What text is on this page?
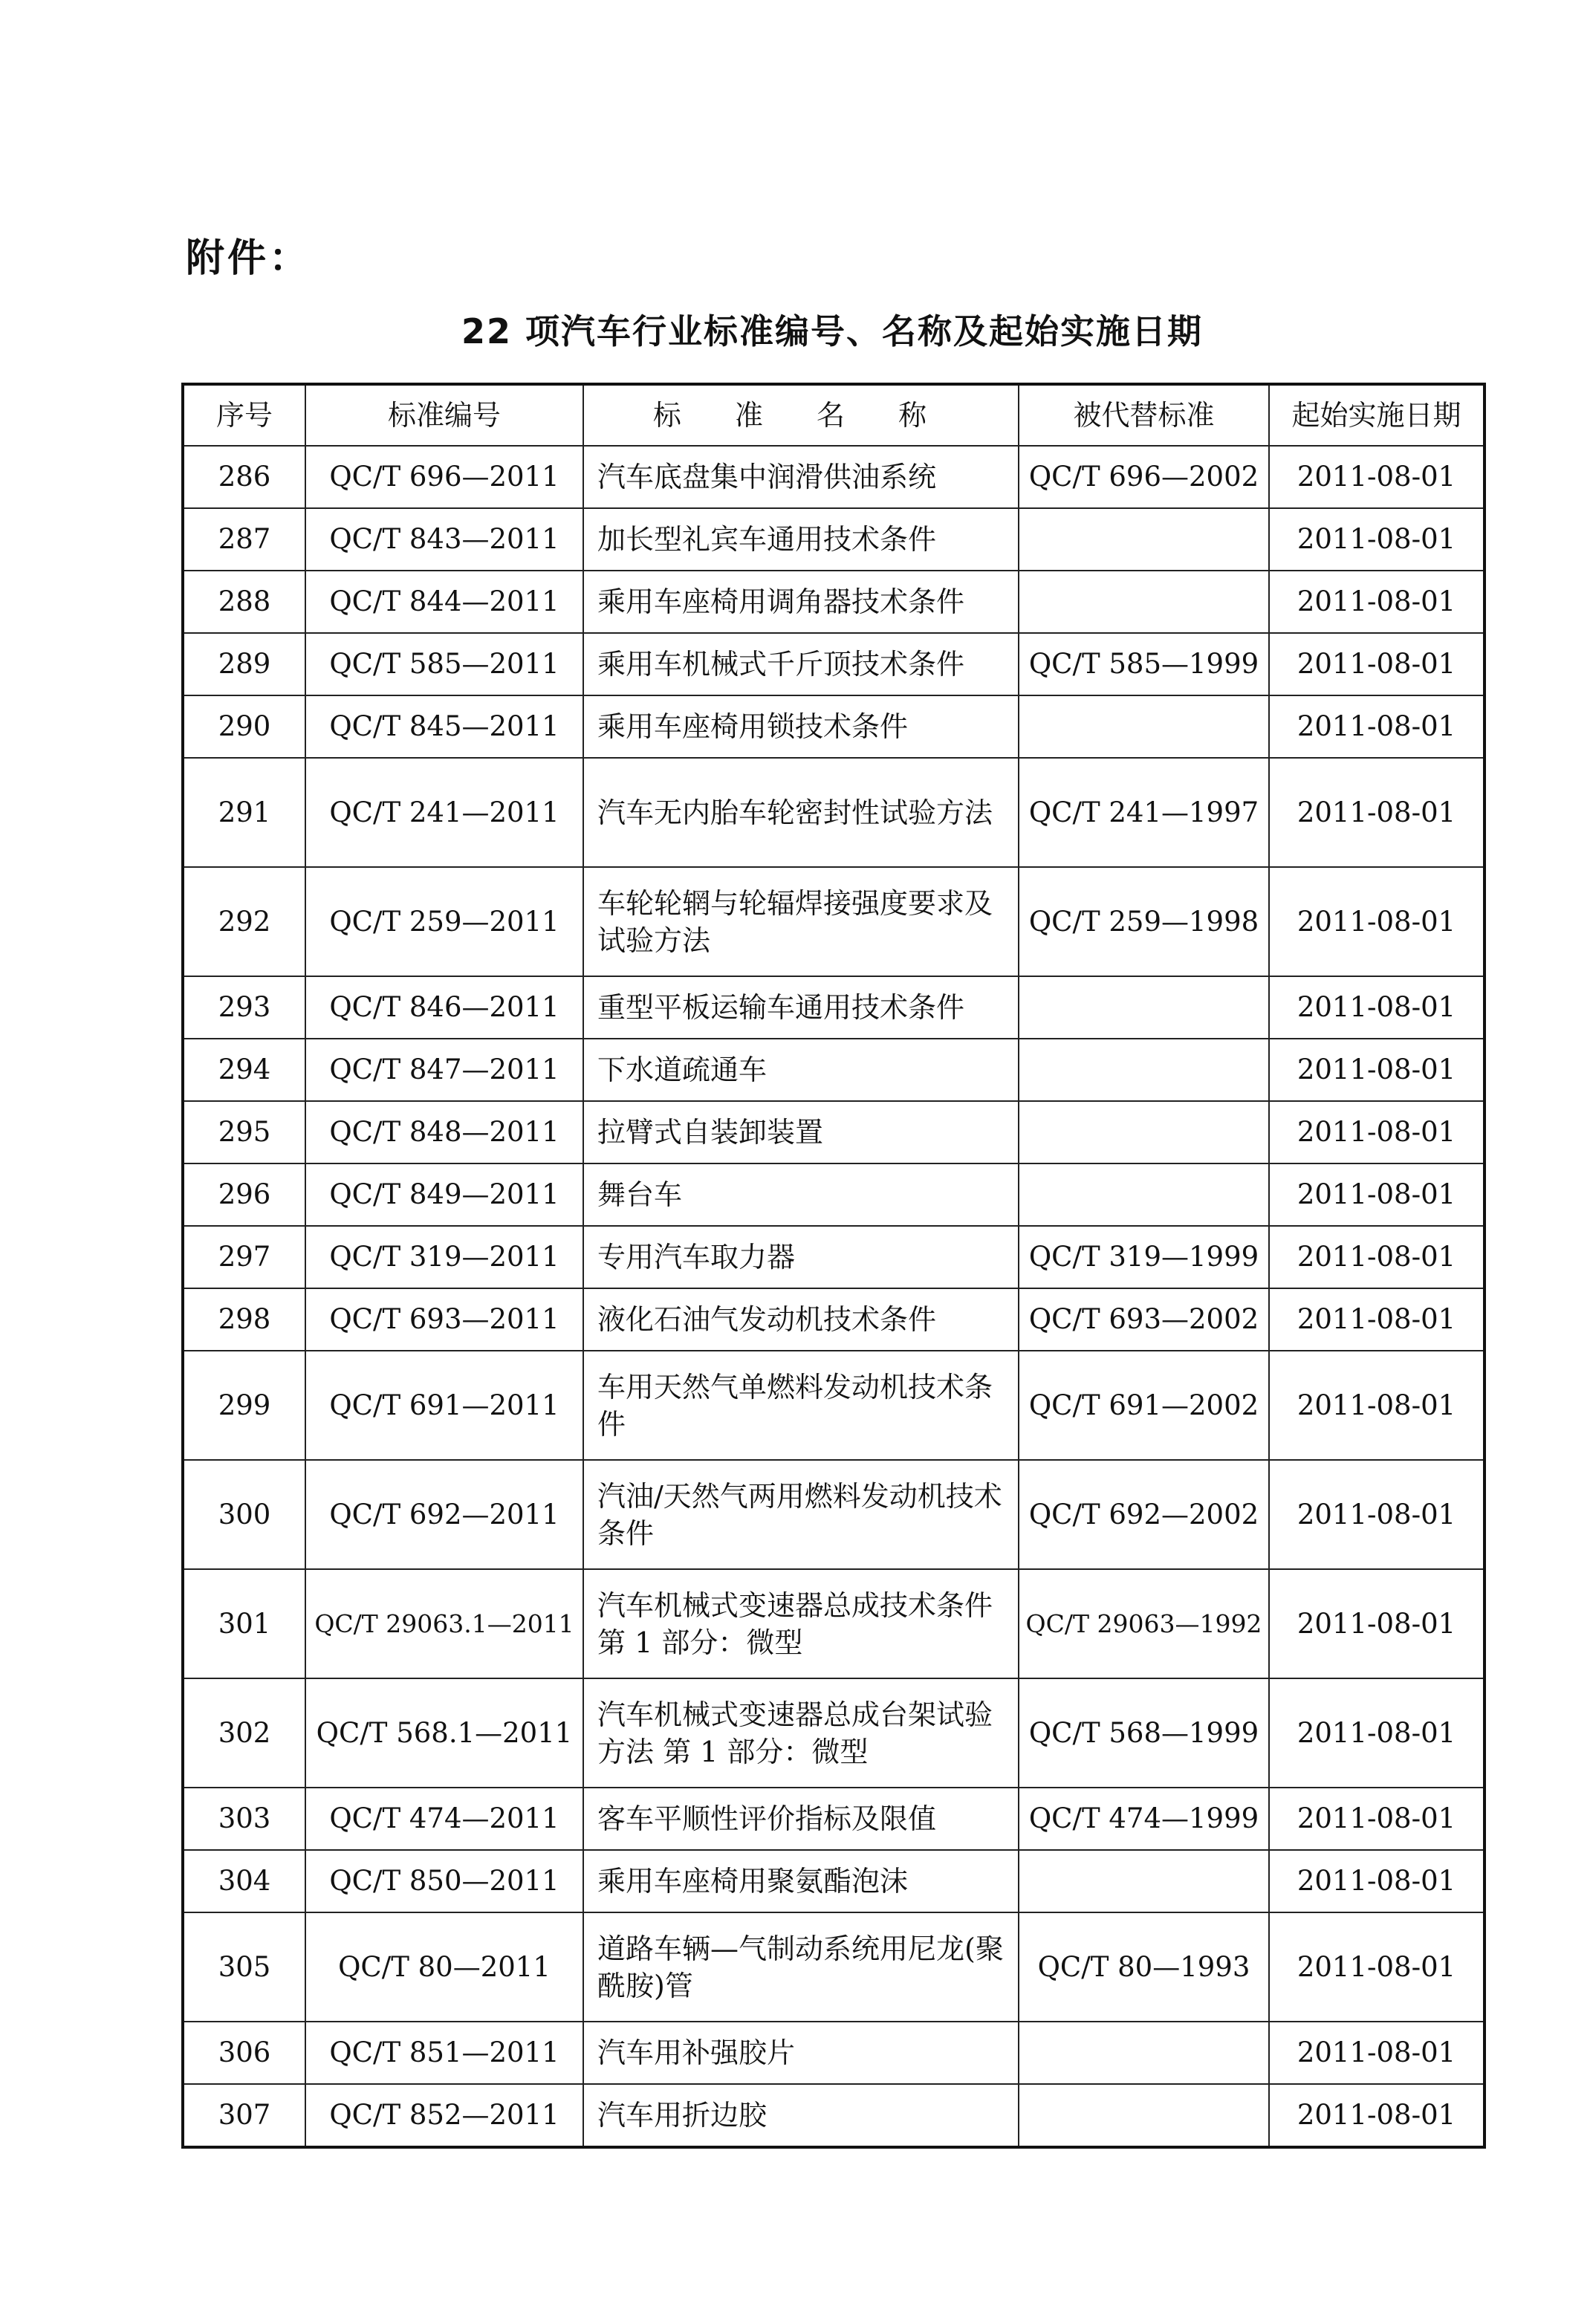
附件：
22 项汽车行业标准编号、名称及起始实施日期
序号	标准编号	标 准 名 称	被代替标准	起始实施日期
286	QC/T 696—2011	汽车底盘集中润滑供油系统	QC/T 696—2002	2011-08-01
287	QC/T 843—2011	加长型礼宾车通用技术条件		2011-08-01
288	QC/T 844—2011	乘用车座椅用调角器技术条件		2011-08-01
289	QC/T 585—2011	乘用车机械式千斤顶技术条件	QC/T 585—1999	2011-08-01
290	QC/T 845—2011	乘用车座椅用锁技术条件		2011-08-01
291	QC/T 241—2011	汽车无内胎车轮密封性试验方法	QC/T 241—1997	2011-08-01
292	QC/T 259—2011	车轮轮辋与轮辐焊接强度要求及试验方法	QC/T 259—1998	2011-08-01
293	QC/T 846—2011	重型平板运输车通用技术条件		2011-08-01
294	QC/T 847—2011	下水道疏通车		2011-08-01
295	QC/T 848—2011	拉臂式自装卸装置		2011-08-01
296	QC/T 849—2011	舞台车		2011-08-01
297	QC/T 319—2011	专用汽车取力器	QC/T 319—1999	2011-08-01
298	QC/T 693—2011	液化石油气发动机技术条件	QC/T 693—2002	2011-08-01
299	QC/T 691—2011	车用天然气单燃料发动机技术条件	QC/T 691—2002	2011-08-01
300	QC/T 692—2011	汽油/天然气两用燃料发动机技术条件	QC/T 692—2002	2011-08-01
301	QC/T 29063.1—2011	汽车机械式变速器总成技术条件 第 1 部分：微型	QC/T 29063—1992	2011-08-01
302	QC/T 568.1—2011	汽车机械式变速器总成台架试验方法 第 1 部分：微型	QC/T 568—1999	2011-08-01
303	QC/T 474—2011	客车平顺性评价指标及限值	QC/T 474—1999	2011-08-01
304	QC/T 850—2011	乘用车座椅用聚氨酯泡沫		2011-08-01
305	QC/T 80—2011	道路车辆—气制动系统用尼龙(聚酰胺)管	QC/T 80—1993	2011-08-01
306	QC/T 851—2011	汽车用补强胶片		2011-08-01
307	QC/T 852—2011	汽车用折边胶		2011-08-01
